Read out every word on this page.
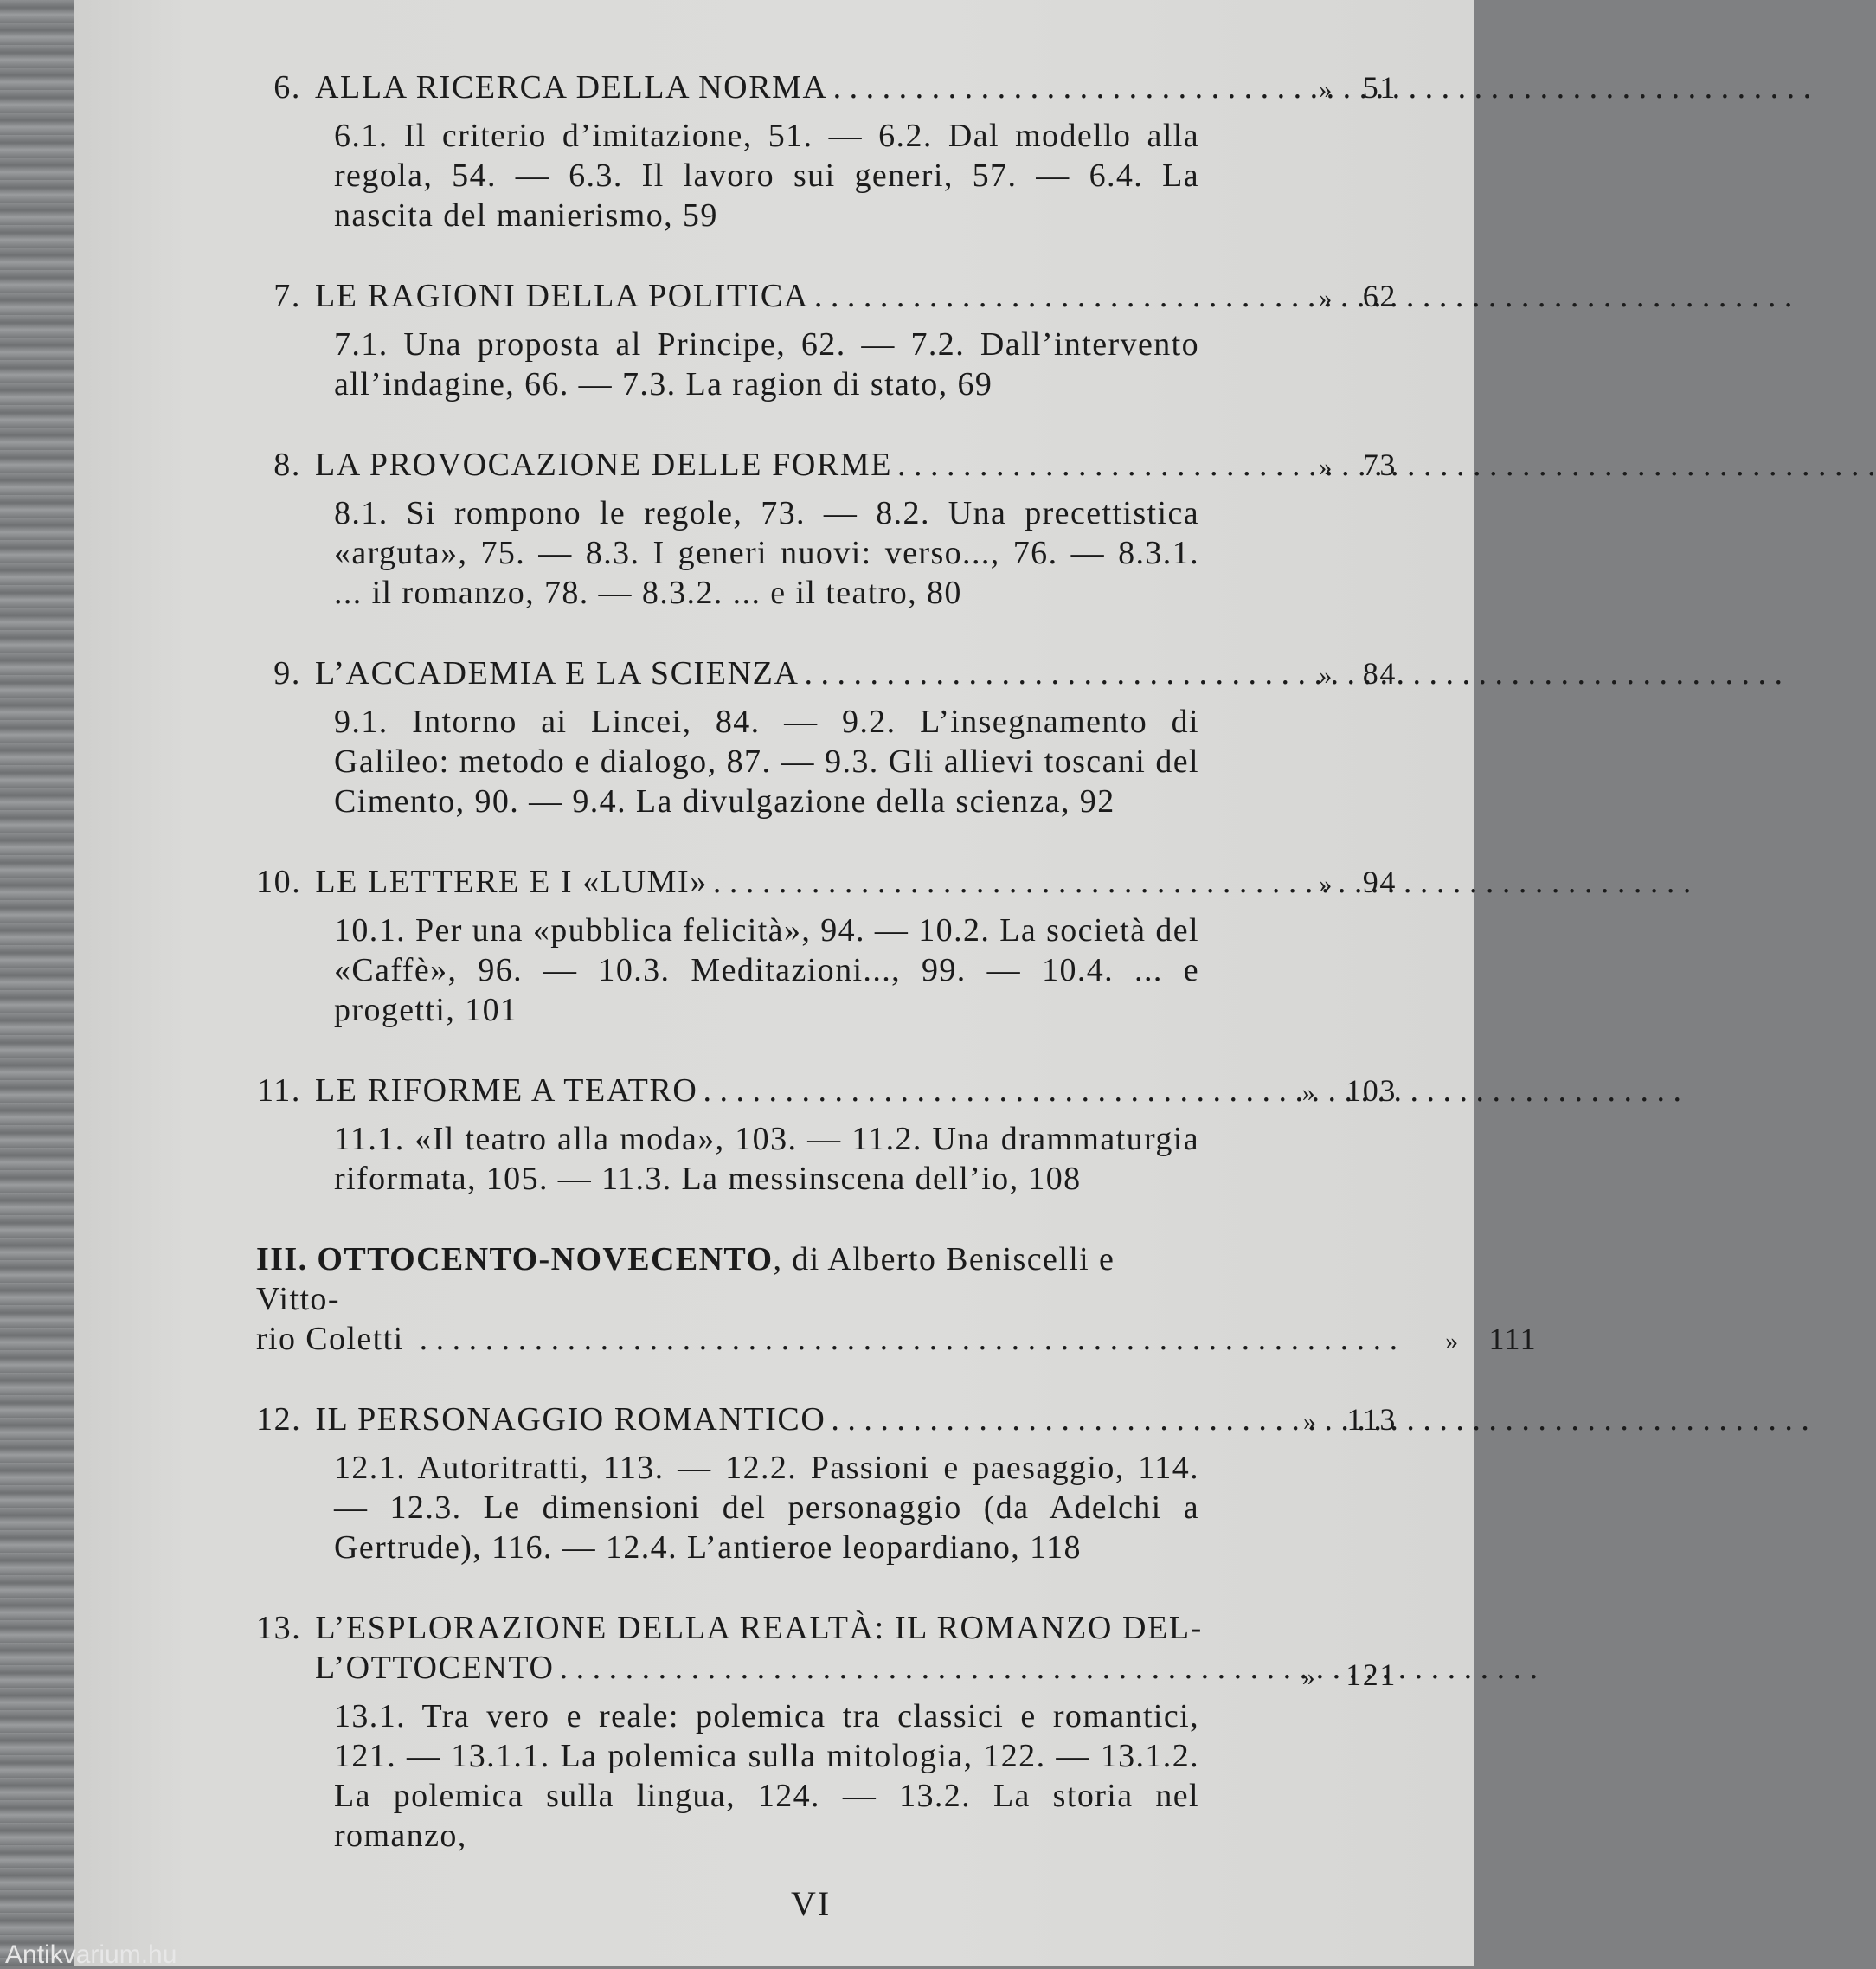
6. ALLA RICERCA DELLA NORMA . . .	» 51
6.1. Il criterio d’imitazione, 51. — 6.2. Dal modello alla regola, 54. — 6.3. Il lavoro sui generi, 57. — 6.4. La nascita del manierismo, 59
7. LE RAGIONI DELLA POLITICA . . .	» 62
7.1. Una proposta al Principe, 62. — 7.2. Dall’intervento all’indagine, 66. — 7.3. La ragion di stato, 69
8. LA PROVOCAZIONE DELLE FORME . . .	» 73
8.1. Si rompono le regole, 73. — 8.2. Una precettistica «arguta», 75. — 8.3. I generi nuovi: verso..., 76. — 8.3.1. ... il romanzo, 78. — 8.3.2. ... e il teatro, 80
9. L’ACCADEMIA E LA SCIENZA . . .	» 84
9.1. Intorno ai Lincei, 84. — 9.2. L’insegnamento di Galileo: metodo e dialogo, 87. — 9.3. Gli allievi toscani del Cimento, 90. — 9.4. La divulgazione della scienza, 92
10. LE LETTERE E I «LUMI» . . .	» 94
10.1. Per una «pubblica felicità», 94. — 10.2. La società del «Caffè», 96. — 10.3. Meditazioni..., 99. — 10.4. ... e progetti, 101
11. LE RIFORME A TEATRO . . .	» 103
11.1. «Il teatro alla moda», 103. — 11.2. Una drammaturgia riformata, 105. — 11.3. La messinscena dell’io, 108
III. OTTOCENTO-NOVECENTO, di Alberto Beniscelli e Vitto-
rio Coletti . . .	» 111
12. IL PERSONAGGIO ROMANTICO . . .	» 113
12.1. Autoritratti, 113. — 12.2. Passioni e paesaggio, 114. — 12.3. Le dimensioni del personaggio (da Adelchi a Gertrude), 116. — 12.4. L’antieroe leopardiano, 118
13. L’ESPLORAZIONE DELLA REALTÀ: IL ROMANZO DEL-
L’OTTOCENTO . . .	» 121
13.1. Tra vero e reale: polemica tra classici e romantici, 121. — 13.1.1. La polemica sulla mitologia, 122. — 13.1.2. La polemica sulla lingua, 124. — 13.2. La storia nel romanzo,
VI
Antikvarium.hu
